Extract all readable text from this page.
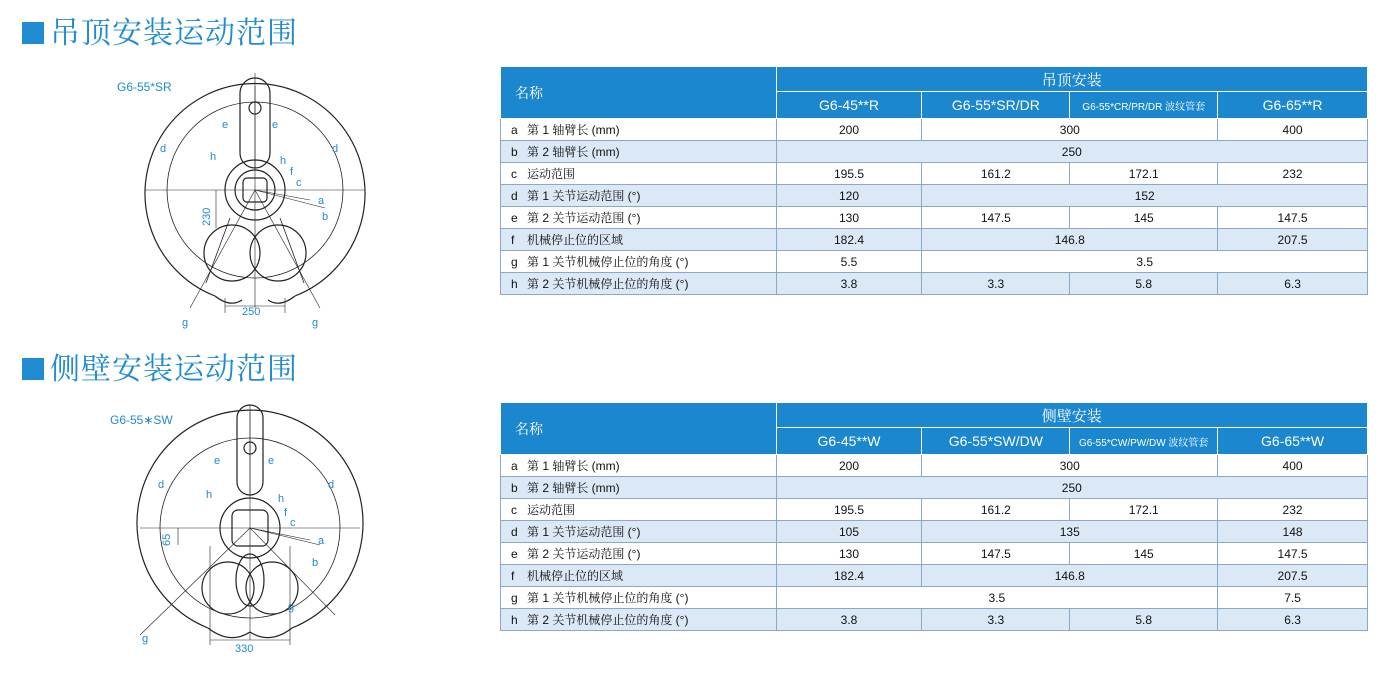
吊顶安装运动范围
G6-55*SR
d	d
e	e
h	h
f
c
a
b
g	g
230
250
名称	吊顶安装			
	G6-45**R	G6-55*SR/DR	G6-55*CR/PR/DR 波纹管套	G6-65**R
a 第 1 轴臂长 (mm)	200	300		400
b 第 2 轴臂长 (mm)	250			
c 运动范围	195.5	161.2	172.1	232
d 第 1 关节运动范围 (°)	120	152		
e 第 2 关节运动范围 (°)	130	147.5	145	147.5
f 机械停止位的区域	182.4	146.8		207.5
g 第 1 关节机械停止位的角度 (°)	5.5	3.5		
h 第 2 关节机械停止位的角度 (°)	3.8	3.3	5.8	6.3
侧壁安装运动范围
G6-55∗SW
d	d
e	e
h	h
f
c
a
b
g
g
65
330
名称	侧壁安装			
	G6-45**W	G6-55*SW/DW	G6-55*CW/PW/DW 波纹管套	G6-65**W
a 第 1 轴臂长 (mm)	200	300		400
b 第 2 轴臂长 (mm)	250			
c 运动范围	195.5	161.2	172.1	232
d 第 1 关节运动范围 (°)	105	135		148
e 第 2 关节运动范围 (°)	130	147.5	145	147.5
f 机械停止位的区域	182.4	146.8		207.5
g 第 1 关节机械停止位的角度 (°)	3.5			7.5
h 第 2 关节机械停止位的角度 (°)	3.8	3.3	5.8	6.3
